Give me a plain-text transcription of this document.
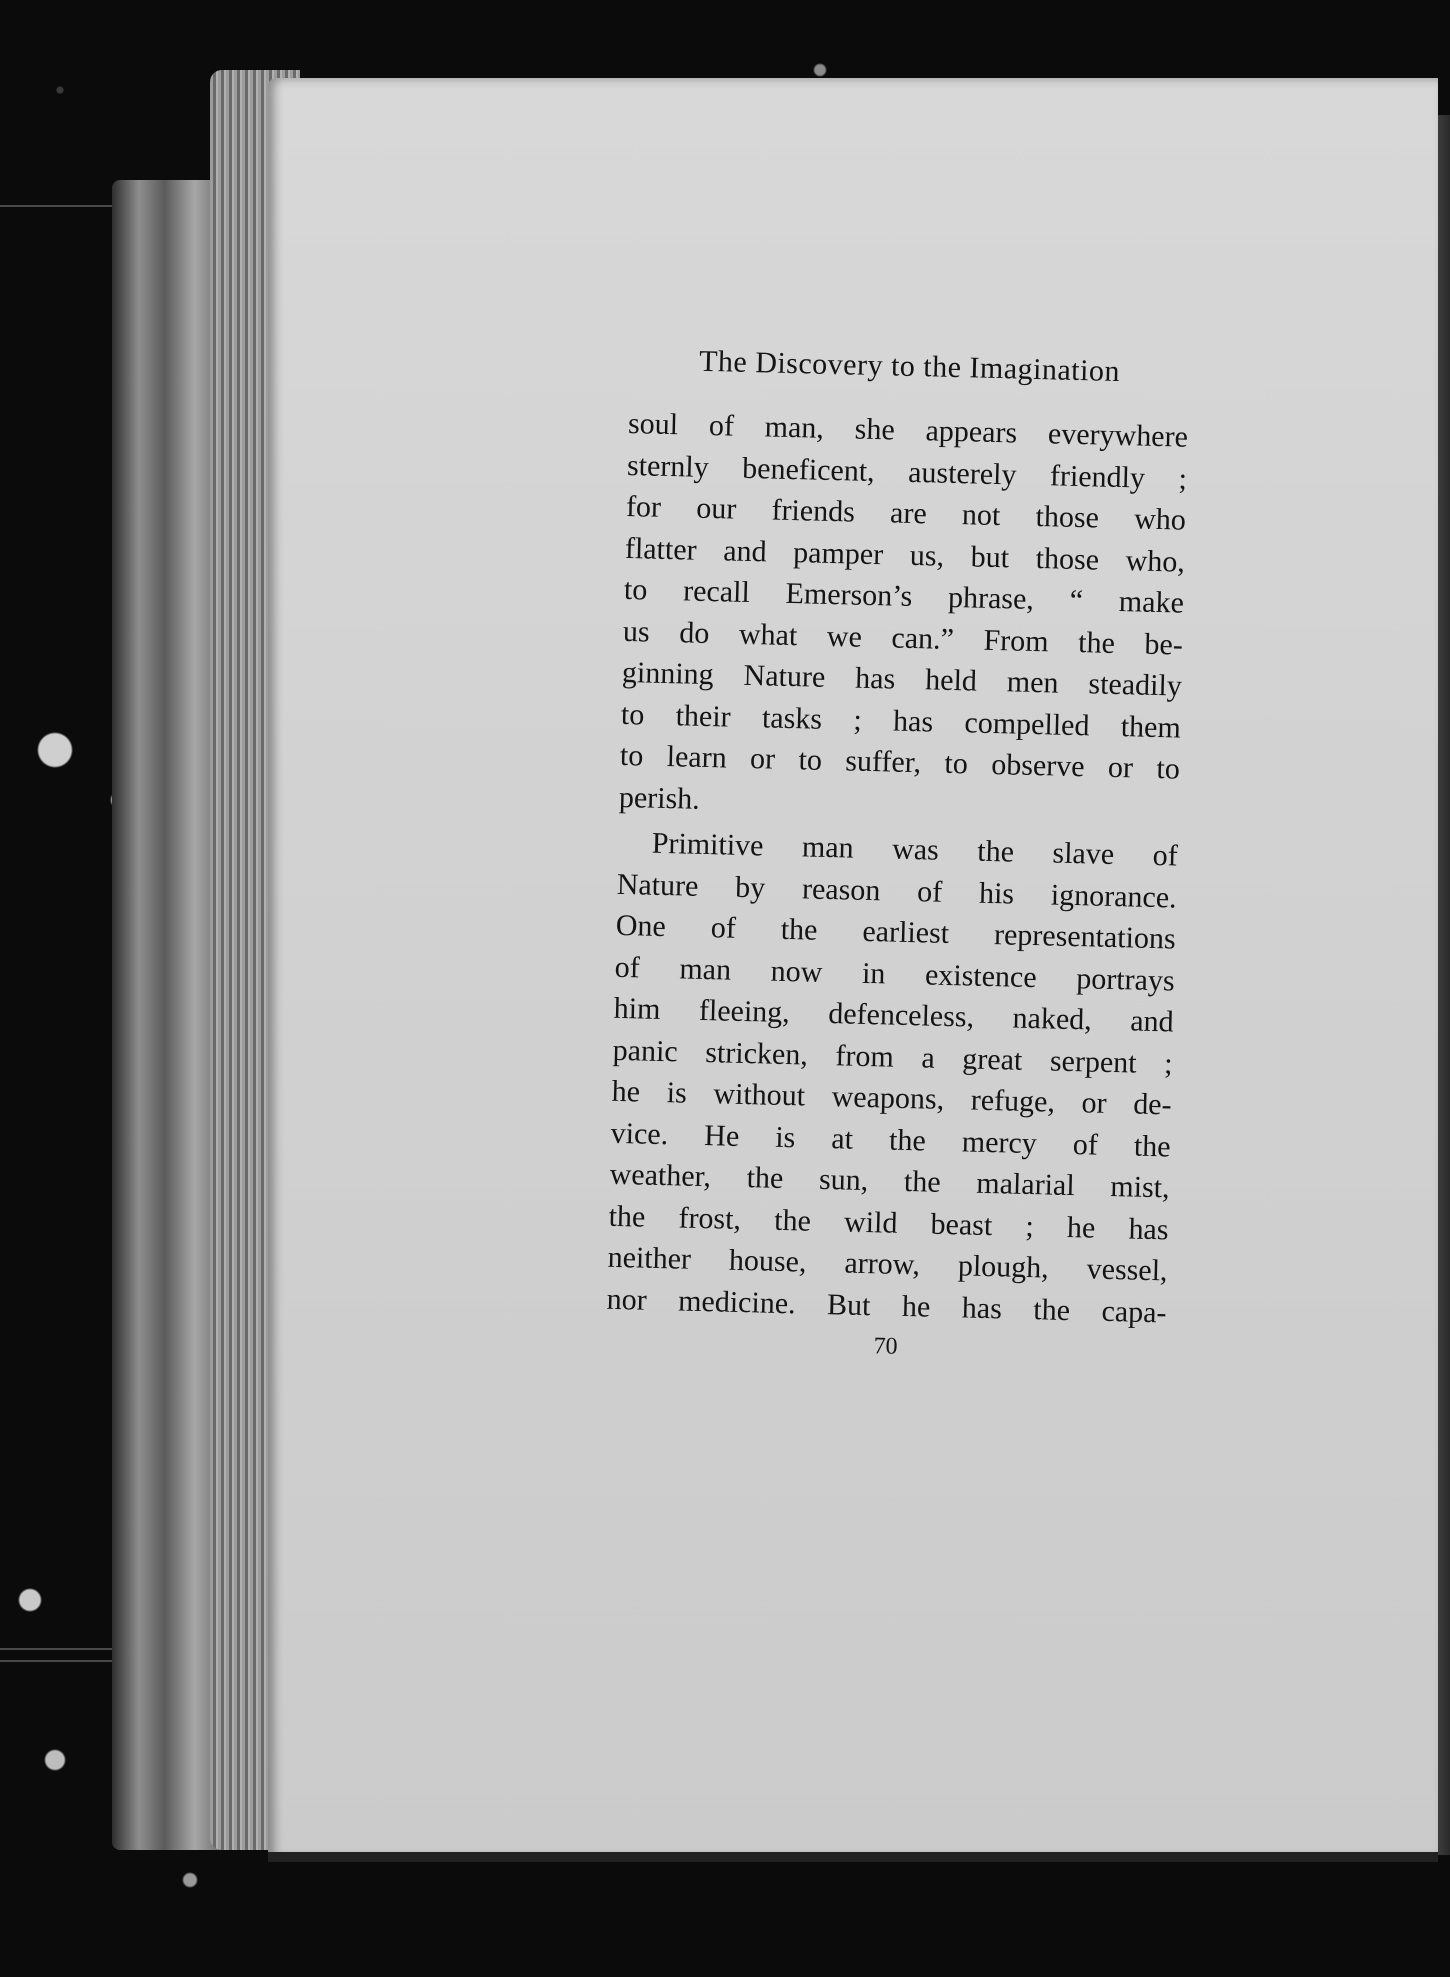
The Discovery to the Imagination

soul of man, she appears everywhere
sternly beneficent, austerely friendly ;
for our friends are not those who
flatter and pamper us, but those who,
to recall Emerson’s phrase, “ make
us do what we can.” From the be-
ginning Nature has held men steadily
to their tasks ; has compelled them
to learn or to suffer, to observe or to
perish.

Primitive man was the slave of
Nature by reason of his ignorance.
One of the earliest representations
of man now in existence portrays
him fleeing, defenceless, naked, and
panic stricken, from a great serpent ;
he is without weapons, refuge, or de-
vice. He is at the mercy of the
weather, the sun, the malarial mist,
the frost, the wild beast ; he has
neither house, arrow, plough, vessel,
nor medicine. But he has the capa-

70
